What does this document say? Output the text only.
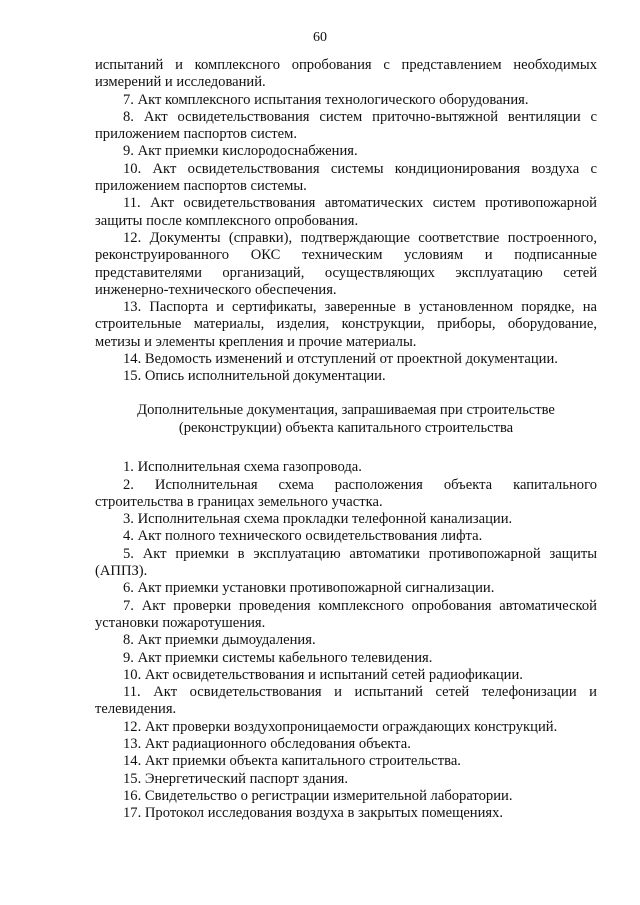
60

испытаний и комплексного опробования с представлением необходимых измерений и исследований.

7. Акт комплексного испытания технологического оборудования.

8. Акт освидетельствования систем приточно-вытяжной вентиляции с приложением паспортов систем.

9. Акт приемки кислородоснабжения.

10. Акт освидетельствования системы кондиционирования воздуха с приложением паспортов системы.

11. Акт освидетельствования автоматических систем противопожарной защиты после комплексного опробования.

12. Документы (справки), подтверждающие соответствие построенного, реконструированного ОКС техническим условиям и подписанные представителями организаций, осуществляющих эксплуатацию сетей инженерно-технического обеспечения.

13. Паспорта и сертификаты, заверенные в установленном порядке, на строительные материалы, изделия, конструкции, приборы, оборудование, метизы и элементы крепления и прочие материалы.

14. Ведомость изменений и отступлений от проектной документации.

15. Опись исполнительной документации.

Дополнительные документация, запрашиваемая при строительстве
(реконструкции) объекта капитального строительства

1. Исполнительная схема газопровода.

2. Исполнительная схема расположения объекта капитального строительства в границах земельного участка.

3. Исполнительная схема прокладки телефонной канализации.

4. Акт полного технического освидетельствования лифта.

5. Акт приемки в эксплуатацию автоматики противопожарной защиты (АППЗ).

6. Акт приемки установки противопожарной сигнализации.

7. Акт проверки проведения комплексного опробования автоматической установки пожаротушения.

8. Акт приемки дымоудаления.

9. Акт приемки системы кабельного телевидения.

10. Акт освидетельствования и испытаний сетей радиофикации.

11. Акт освидетельствования и испытаний сетей телефонизации и телевидения.

12. Акт проверки воздухопроницаемости ограждающих конструкций.

13. Акт радиационного обследования объекта.

14. Акт приемки объекта капитального строительства.

15. Энергетический паспорт здания.

16. Свидетельство о регистрации измерительной лаборатории.

17. Протокол исследования воздуха в закрытых помещениях.
